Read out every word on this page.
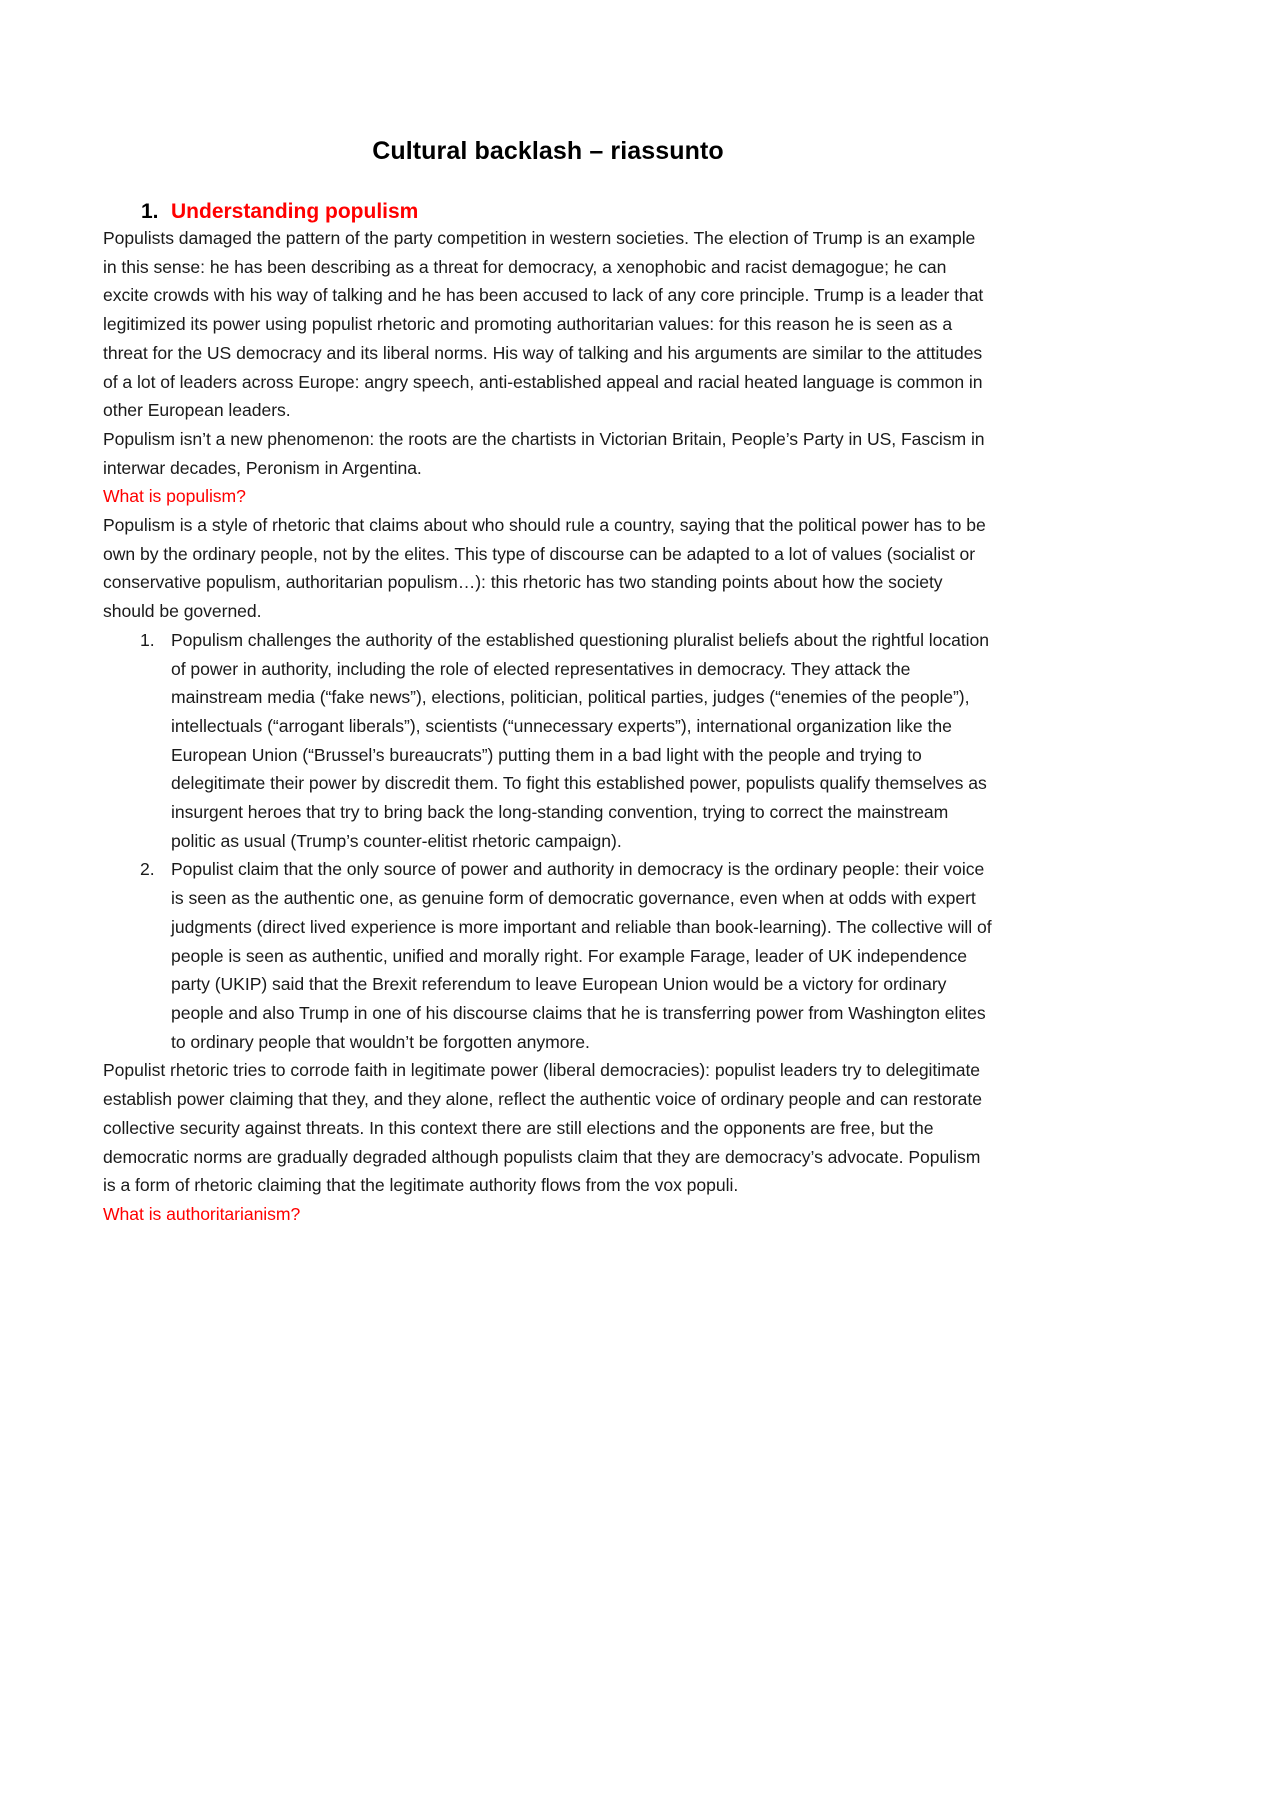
Cultural backlash – riassunto
1. Understanding populism

Populists damaged the pattern of the party competition in western societies. The election of Trump is an example in this sense: he has been describing as a threat for democracy, a xenophobic and racist demagogue; he can excite crowds with his way of talking and he has been accused to lack of any core principle. Trump is a leader that legitimized its power using populist rhetoric and promoting authoritarian values: for this reason he is seen as a threat for the US democracy and its liberal norms. His way of talking and his arguments are similar to the attitudes of a lot of leaders across Europe: angry speech, anti-established appeal and racial heated language is common in other European leaders.

Populism isn’t a new phenomenon: the roots are the chartists in Victorian Britain, People’s Party in US, Fascism in interwar decades, Peronism in Argentina.

What is populism?

Populism is a style of rhetoric that claims about who should rule a country, saying that the political power has to be own by the ordinary people, not by the elites. This type of discourse can be adapted to a lot of values (socialist or conservative populism, authoritarian populism…): this rhetoric has two standing points about how the society should be governed.

1. Populism challenges the authority of the established questioning pluralist beliefs about the rightful location of power in authority, including the role of elected representatives in democracy. They attack the mainstream media (“fake news”), elections, politician, political parties, judges (“enemies of the people”), intellectuals (“arrogant liberals”), scientists (“unnecessary experts”), international organization like the European Union (“Brussel’s bureaucrats”) putting them in a bad light with the people and trying to delegitimate their power by discredit them. To fight this established power, populists qualify themselves as insurgent heroes that try to bring back the long-standing convention, trying to correct the mainstream politic as usual (Trump’s counter-elitist rhetoric campaign).
2. Populist claim that the only source of power and authority in democracy is the ordinary people: their voice is seen as the authentic one, as genuine form of democratic governance, even when at odds with expert judgments (direct lived experience is more important and reliable than book-learning). The collective will of people is seen as authentic, unified and morally right. For example Farage, leader of UK independence party (UKIP) said that the Brexit referendum to leave European Union would be a victory for ordinary people and also Trump in one of his discourse claims that he is transferring power from Washington elites to ordinary people that wouldn’t be forgotten anymore.

Populist rhetoric tries to corrode faith in legitimate power (liberal democracies): populist leaders try to delegitimate establish power claiming that they, and they alone, reflect the authentic voice of ordinary people and can restorate collective security against threats. In this context there are still elections and the opponents are free, but the democratic norms are gradually degraded although populists claim that they are democracy’s advocate. Populism is a form of rhetoric claiming that the legitimate authority flows from the vox populi.

What is authoritarianism?
